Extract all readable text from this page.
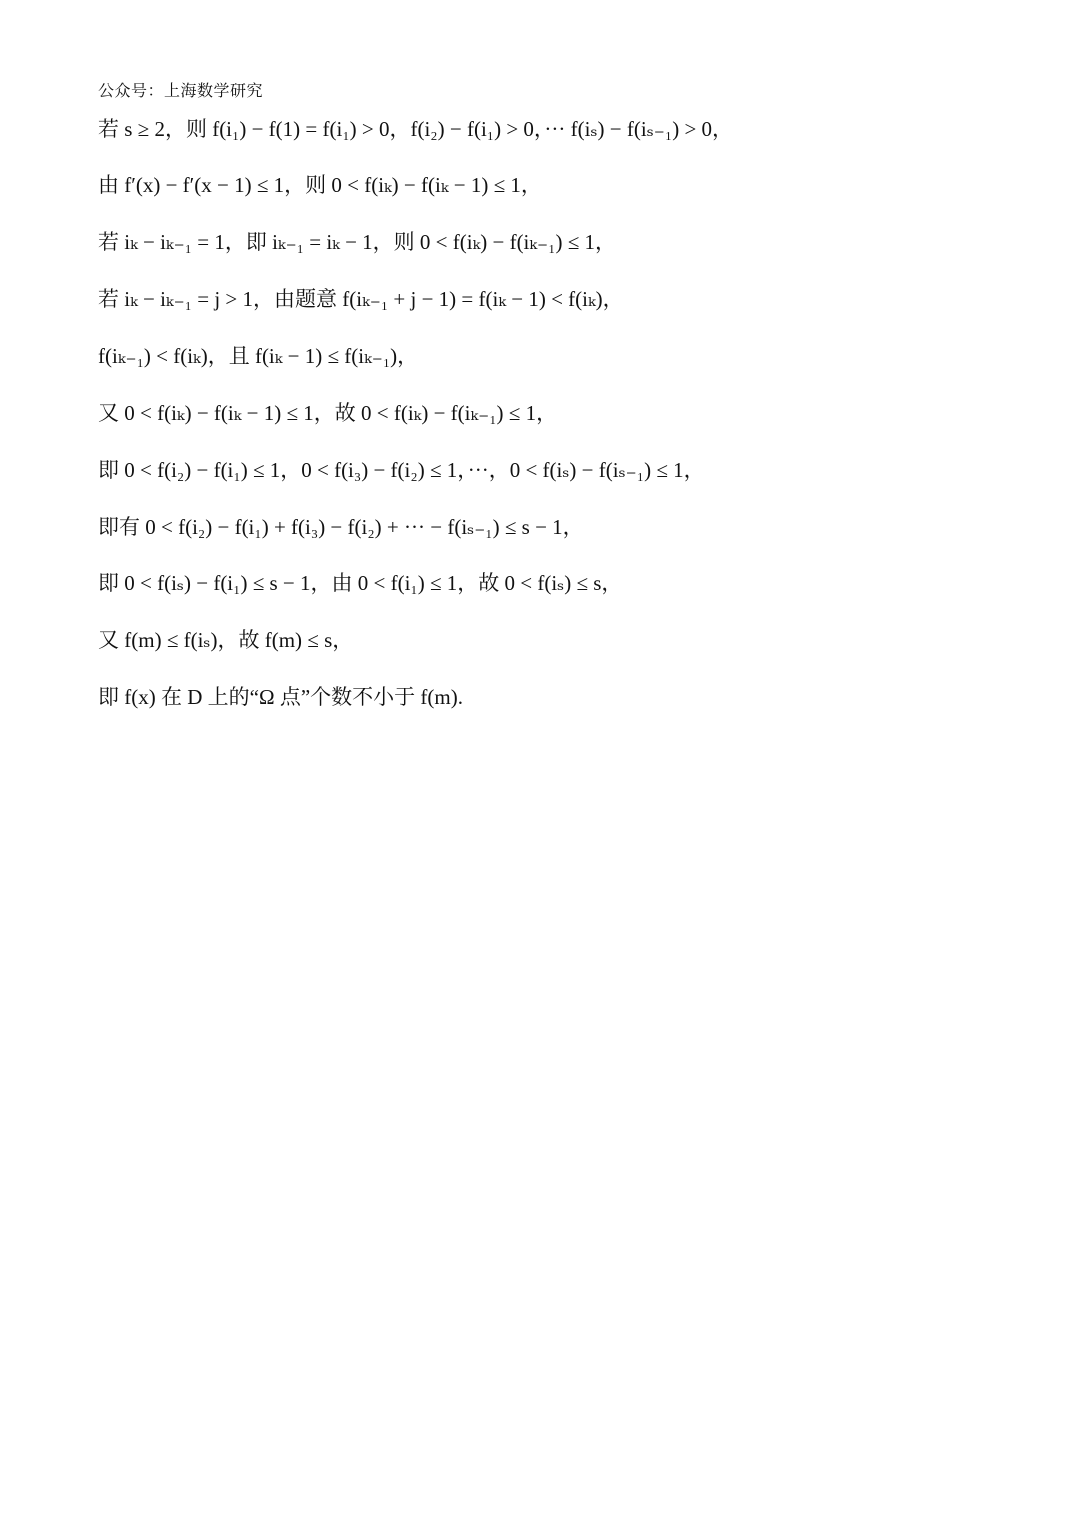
公众号：上海数学研究
若 s ≥ 2，则 f(i₁) − f(1) = f(i₁) > 0，f(i₂) − f(i₁) > 0，··· f(iₛ) − f(iₛ₋₁) > 0，
由 f′(x) − f′(x − 1) ≤ 1，则 0 < f(iₖ) − f(iₖ − 1) ≤ 1，
若 iₖ − iₖ₋₁ = 1，即 iₖ₋₁ = iₖ − 1，则 0 < f(iₖ) − f(iₖ₋₁) ≤ 1，
若 iₖ − iₖ₋₁ = j > 1，由题意 f(iₖ₋₁ + j − 1) = f(iₖ − 1) < f(iₖ)，
f(iₖ₋₁) < f(iₖ)，且 f(iₖ − 1) ≤ f(iₖ₋₁)，
又 0 < f(iₖ) − f(iₖ − 1) ≤ 1，故 0 < f(iₖ) − f(iₖ₋₁) ≤ 1，
即 0 < f(i₂) − f(i₁) ≤ 1，0 < f(i₃) − f(i₂) ≤ 1，···，0 < f(iₛ) − f(iₛ₋₁) ≤ 1，
即有 0 < f(i₂) − f(i₁) + f(i₃) − f(i₂) + ··· − f(iₛ₋₁) ≤ s − 1，
即 0 < f(iₛ) − f(i₁) ≤ s − 1，由 0 < f(i₁) ≤ 1，故 0 < f(iₛ) ≤ s，
又 f(m) ≤ f(iₛ)，故 f(m) ≤ s，
即 f(x) 在 D 上的“Ω 点”个数不小于 f(m).
